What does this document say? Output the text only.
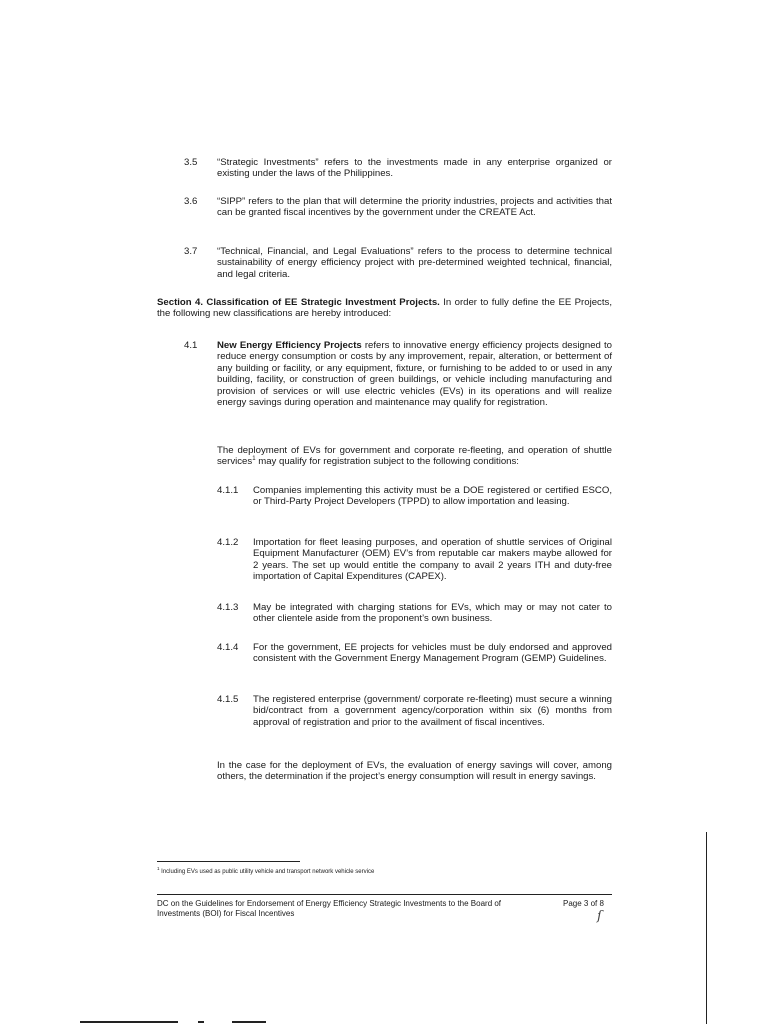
3.5 “Strategic Investments” refers to the investments made in any enterprise organized or existing under the laws of the Philippines.
3.6 “SIPP” refers to the plan that will determine the priority industries, projects and activities that can be granted fiscal incentives by the government under the CREATE Act.
3.7 “Technical, Financial, and Legal Evaluations” refers to the process to determine technical sustainability of energy efficiency project with pre-determined weighted technical, financial, and legal criteria.
Section 4. Classification of EE Strategic Investment Projects. In order to fully define the EE Projects, the following new classifications are hereby introduced:
4.1 New Energy Efficiency Projects refers to innovative energy efficiency projects designed to reduce energy consumption or costs by any improvement, repair, alteration, or betterment of any building or facility, or any equipment, fixture, or furnishing to be added to or used in any building, facility, or construction of green buildings, or vehicle including manufacturing and provision of services or will use electric vehicles (EVs) in its operations and will realize energy savings during operation and maintenance may qualify for registration.
The deployment of EVs for government and corporate re-fleeting, and operation of shuttle services$^1$ may qualify for registration subject to the following conditions:
4.1.1 Companies implementing this activity must be a DOE registered or certified ESCO, or Third-Party Project Developers (TPPD) to allow importation and leasing.
4.1.2 Importation for fleet leasing purposes, and operation of shuttle services of Original Equipment Manufacturer (OEM) EV’s from reputable car makers maybe allowed for 2 years. The set up would entitle the company to avail 2 years ITH and duty-free importation of Capital Expenditures (CAPEX).
4.1.3 May be integrated with charging stations for EVs, which may or may not cater to other clientele aside from the proponent’s own business.
4.1.4 For the government, EE projects for vehicles must be duly endorsed and approved consistent with the Government Energy Management Program (GEMP) Guidelines.
4.1.5 The registered enterprise (government/ corporate re-fleeting) must secure a winning bid/contract from a government agency/corporation within six (6) months from approval of registration and prior to the availment of fiscal incentives.
In the case for the deployment of EVs, the evaluation of energy savings will cover, among others, the determination if the project’s energy consumption will result in energy savings.
$^1$ Including EVs used as public utility vehicle and transport network vehicle service
DC on the Guidelines for Endorsement of Energy Efficiency Strategic Investments to the Board of Investments (BOI) for Fiscal Incentives
Page 3 of 8
ſ
